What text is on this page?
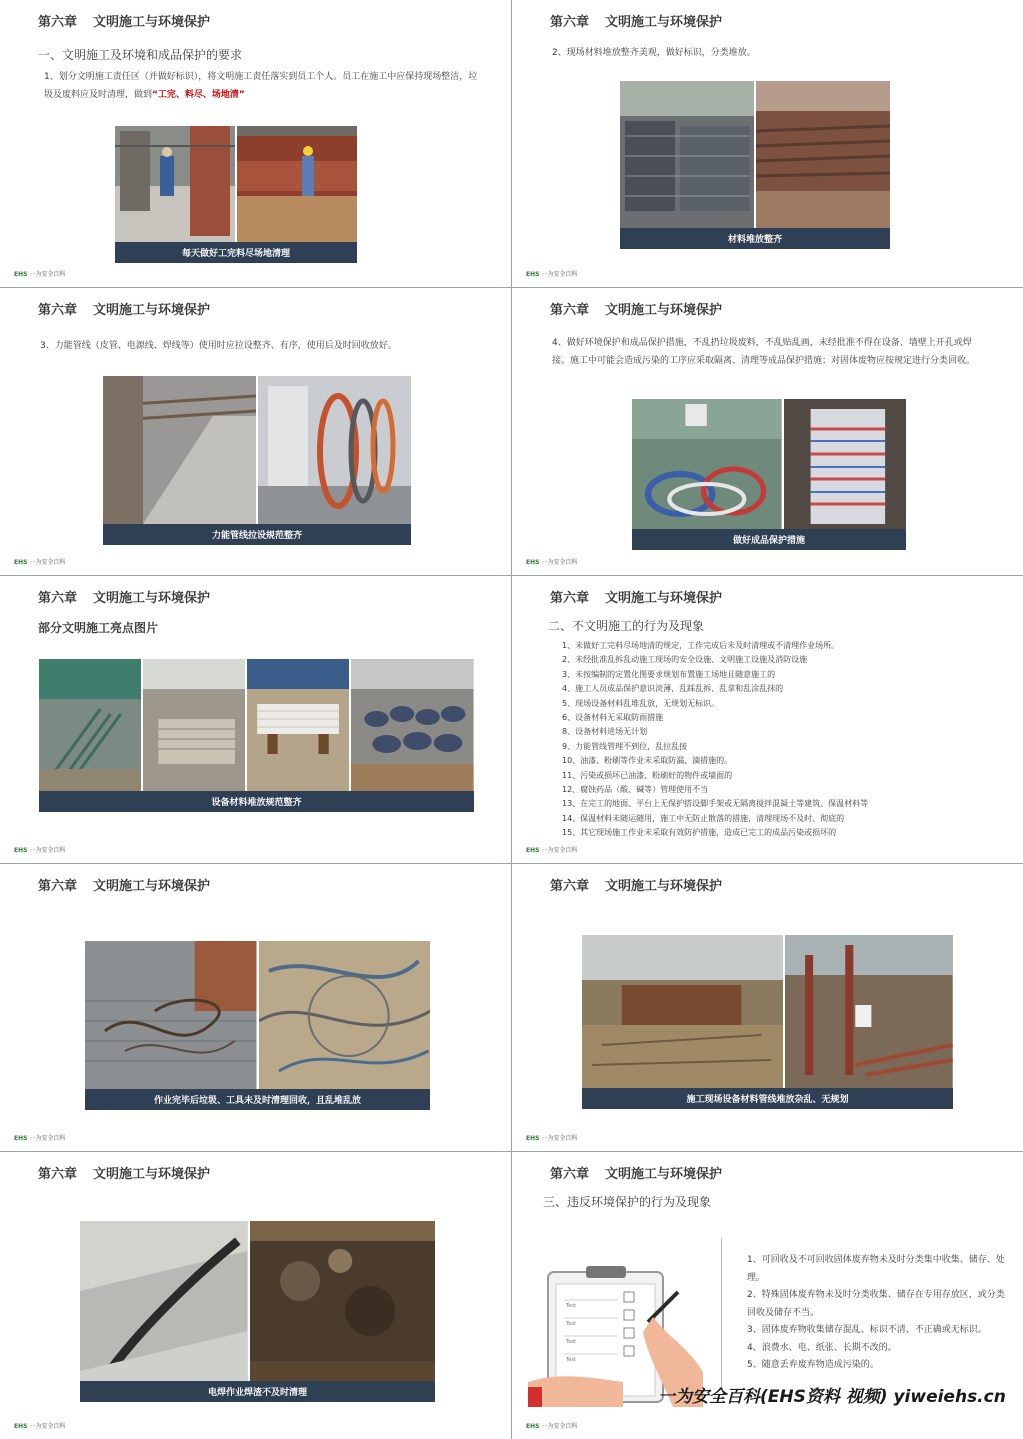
第六章 文明施工与环境保护
一、文明施工及环境和成品保护的要求
1、划分文明施工责任区（并做好标识），将文明施工责任落实到员工个人。员工在施工中应保持现场整洁，垃圾及废料应及时清理，做到“工完、料尽、场地清”
每天做好工完料尽场地清理
EHS 一为安全百科
第六章 文明施工与环境保护
2、现场材料堆放整齐美观，做好标识，分类堆放。
材料堆放整齐
EHS 一为安全百科
第六章 文明施工与环境保护
3、力能管线（皮管、电源线、焊线等）使用时应拉设整齐、有序，使用后及时回收放好。
力能管线拉设规范整齐
EHS 一为安全百科
第六章 文明施工与环境保护
4、做好环境保护和成品保护措施，不乱扔垃圾废料，不乱贴乱画，未经批准不得在设备、墙壁上开孔或焊接。施工中可能会造成污染的工序应采取隔离、清理等成品保护措施；对固体废物应按规定进行分类回收。
做好成品保护措施
EHS 一为安全百科
第六章 文明施工与环境保护
部分文明施工亮点图片
设备材料堆放规范整齐
EHS 一为安全百科
第六章 文明施工与环境保护
二、不文明施工的行为及现象
1、未做好工完料尽场地清的规定，工作完成后未及时清理或不清理作业场所。
2、未经批准乱拆乱动施工现场的安全设施、文明施工设施及消防设施
3、未按编制的定置化图要求规划布置施工场地且随意施工的
4、施工人员成品保护意识淡薄，乱踩乱拆、乱拿和乱涂乱抹的
5、现场设备材料乱堆乱放，无规划无标识。
6、设备材料无采取防雨措施
8、设备材料进场无计划
9、力能管线管理不到位，乱拉乱接
10、油漆、粉刷等作业未采取防漏、滴措施的。
11、污染或损坏已油漆、粉刷好的物件或墙面的
12、腐蚀药品（酸、碱等）管理使用不当
13、在完工的地面、平台上无保护搭设脚手架或无隔离搅拌混凝土等建筑、保温材料等
14、保温材料未随运随用，施工中无防止散落的措施，清理现场不及时、彻底的
15、其它现场施工作业未采取有效防护措施，造成已完工的成品污染或损坏的
EHS 一为安全百科
第六章 文明施工与环境保护
作业完毕后垃圾、工具未及时清理回收，且乱堆乱放
EHS 一为安全百科
第六章 文明施工与环境保护
施工现场设备材料管线堆放杂乱、无规划
EHS 一为安全百科
第六章 文明施工与环境保护
电焊作业焊渣不及时清理
EHS 一为安全百科
第六章 文明施工与环境保护
三、违反环境保护的行为及现象
Text
Text
Text
Text
1、可回收及不可回收固体废弃物未及时分类集中收集、储存、处理。
2、特殊固体废弃物未及时分类收集、储存在专用存放区，或分类回收及储存不当。
3、固体废弃物收集储存混乱、标识不清、不正确或无标识。
4、浪费水、电、纸张、长期不改的。
5、随意丢弃废弃物造成污染的。
一为安全百科(EHS资料 视频) yiweiehs.cn
EHS 一为安全百科
